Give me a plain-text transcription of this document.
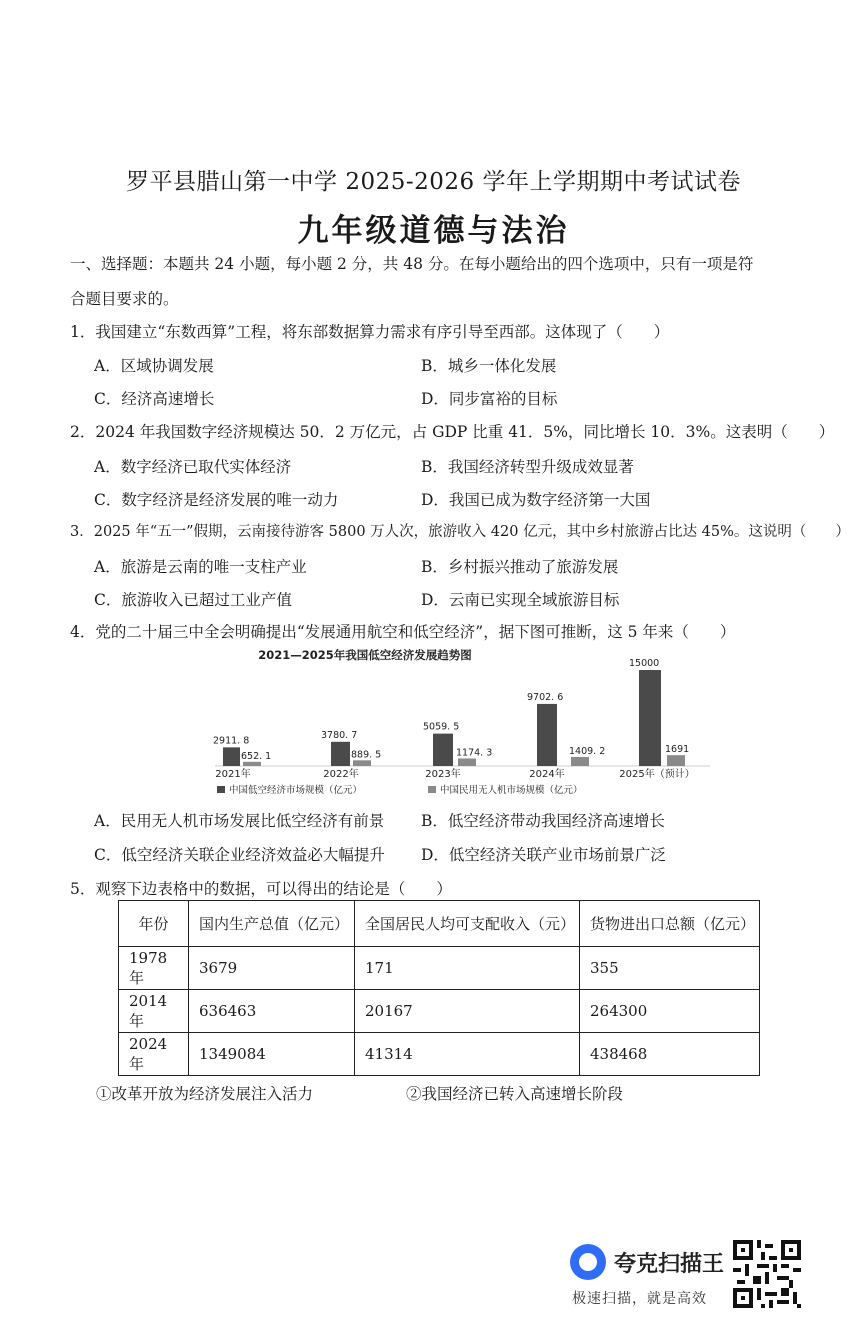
罗平县腊山第一中学 2025-2026 学年上学期期中考试试卷
九年级道德与法治
一、选择题：本题共 24 小题，每小题 2 分，共 48 分。在每小题给出的四个选项中，只有一项是符
合题目要求的。
1．我国建立“东数西算”工程，将东部数据算力需求有序引导至西部。这体现了（　　）
A．区域协调发展	B．城乡一体化发展
C．经济高速增长	D．同步富裕的目标
2．2024 年我国数字经济规模达 50．2 万亿元，占 GDP 比重 41．5%，同比增长 10．3%。这表明（　　）
A．数字经济已取代实体经济	B．我国经济转型升级成效显著
C．数字经济是经济发展的唯一动力	D．我国已成为数字经济第一大国
3．2025 年“五一”假期，云南接待游客 5800 万人次，旅游收入 420 亿元，其中乡村旅游占比达 45%。这说明（　　）
A．旅游是云南的唯一支柱产业	B．乡村振兴推动了旅游发展
C．旅游收入已超过工业产值	D．云南已实现全域旅游目标
4．党的二十届三中全会明确提出“发展通用航空和低空经济”，据下图可推断，这 5 年来（　　）
2021—2025年我国低空经济发展趋势图
2911. 8
652. 1
2021年
3780. 7
889. 5
2022年
5059. 5
1174. 3
2023年
9702. 6
1409. 2
2024年
15000
1691
2025年（预计）
中国低空经济市场规模（亿元）	中国民用无人机市场规模（亿元）
A．民用无人机市场发展比低空经济有前景 B．低空经济带动我国经济高速增长
C．低空经济关联企业经济效益必大幅提升 D．低空经济关联产业市场前景广泛
5．观察下边表格中的数据，可以得出的结论是（　　）
年份	国内生产总值（亿元）	全国居民人均可支配收入（元）	货物进出口总额（亿元）
1978 年	3679	171	355
2014 年	636463	20167	264300
2024 年	1349084	41314	438468
①改革开放为经济发展注入活力	②我国经济已转入高速增长阶段
夸克扫描王
极速扫描，就是高效
